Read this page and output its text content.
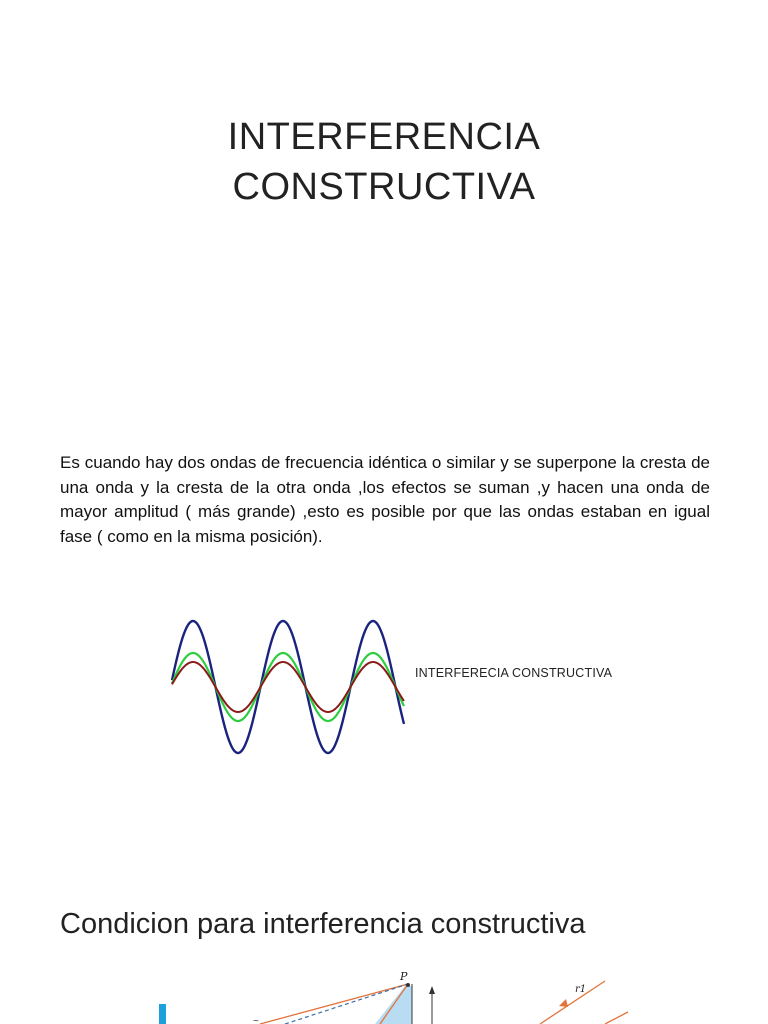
INTERFERENCIA
CONSTRUCTIVA
Es cuando hay dos ondas de frecuencia idéntica o similar y se superpone la cresta de una onda y la cresta de la otra onda ,los efectos se suman ,y hacen una onda de mayor amplitud ( más grande) ,esto es posible por que las ondas estaban en igual fase ( como en la misma posición).
INTERFERECIA CONSTRUCTIVA
Condicion para interferencia constructiva
P
~
r1
